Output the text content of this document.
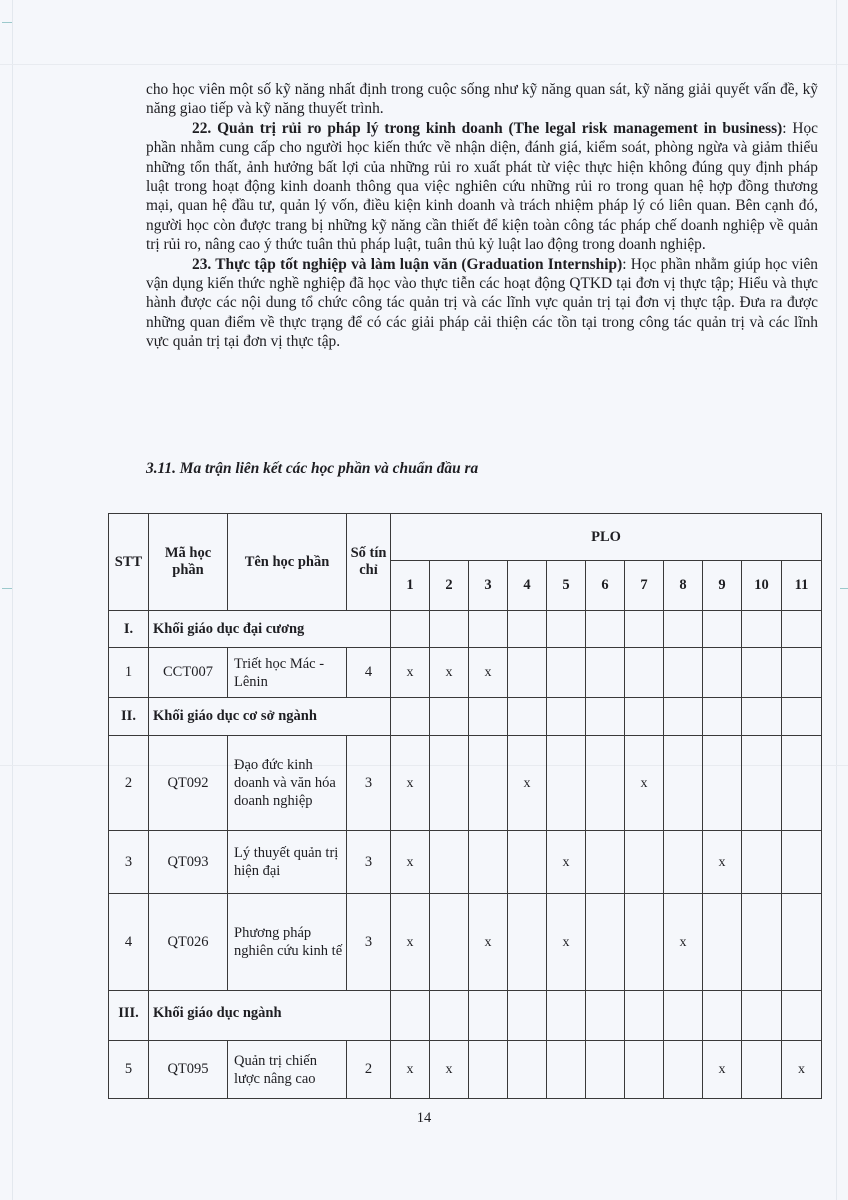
cho học viên một số kỹ năng nhất định trong cuộc sống như kỹ năng quan sát, kỹ năng giải quyết vấn đề, kỹ năng giao tiếp và kỹ năng thuyết trình.

22. Quản trị rủi ro pháp lý trong kinh doanh (The legal risk management in business): Học phần nhằm cung cấp cho người học kiến thức về nhận diện, đánh giá, kiểm soát, phòng ngừa và giảm thiểu những tổn thất, ảnh hưởng bất lợi của những rủi ro xuất phát từ việc thực hiện không đúng quy định pháp luật trong hoạt động kinh doanh thông qua việc nghiên cứu những rủi ro trong quan hệ hợp đồng thương mại, quan hệ đầu tư, quản lý vốn, điều kiện kinh doanh và trách nhiệm pháp lý có liên quan. Bên cạnh đó, người học còn được trang bị những kỹ năng cần thiết để kiện toàn công tác pháp chế doanh nghiệp về quản trị rủi ro, nâng cao ý thức tuân thủ pháp luật, tuân thủ kỷ luật lao động trong doanh nghiệp.

23. Thực tập tốt nghiệp và làm luận văn (Graduation Internship): Học phần nhằm giúp học viên vận dụng kiến thức nghề nghiệp đã học vào thực tiễn các hoạt động QTKD tại đơn vị thực tập; Hiểu và thực hành được các nội dung tổ chức công tác quản trị và các lĩnh vực quản trị tại đơn vị thực tập. Đưa ra được những quan điểm về thực trạng để có các giải pháp cải thiện các tồn tại trong công tác quản trị và các lĩnh vực quản trị tại đơn vị thực tập.

3.11. Ma trận liên kết các học phần và chuẩn đầu ra
STT	Mã học phần	Tên học phần	Số tín chỉ	PLO										
				1	2	3	4	5	6	7	8	9	10	11
I.	Khối giáo dục đại cương													
1	CCT007	Triết học Mác - Lênin	4	x	x	x								
II.	Khối giáo dục cơ sở ngành													
2	QT092	Đạo đức kinh doanh và văn hóa doanh nghiệp	3	x			x			x				
3	QT093	Lý thuyết quản trị hiện đại	3	x				x				x		
4	QT026	Phương pháp nghiên cứu kinh tế	3	x		x		x			x			
III.	Khối giáo dục ngành													
5	QT095	Quản trị chiến lược nâng cao	2	x	x							x		x
14
